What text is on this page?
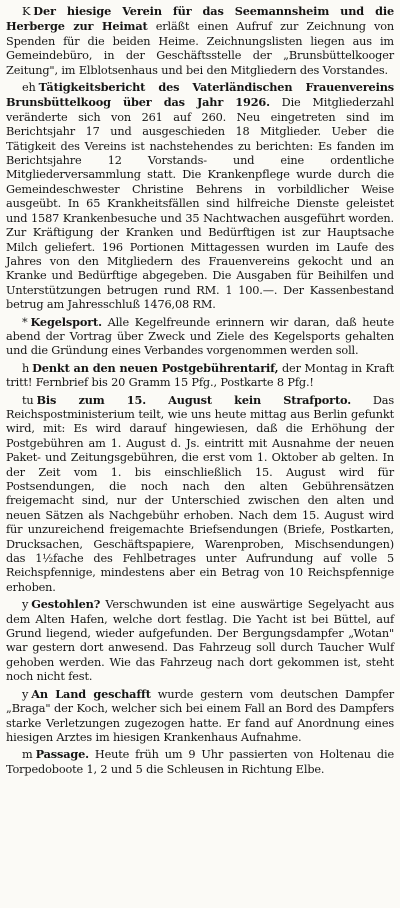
K Der hiesige Verein für das Seemannsheim und die Herberge zur Heimat erläßt einen Aufruf zur Zeichnung von Spenden für die beiden Heime. Zeichnungslisten liegen aus im Gemeindebüro, in der Geschäftsstelle der „Brunsbüttelkooger Zeitung", im Elblotsenhaus und bei den Mitgliedern des Vorstandes.

eh Tätigkeitsbericht des Vaterländischen Frauenvereins Brunsbüttelkoog über das Jahr 1926. Die Mitgliederzahl veränderte sich von 261 auf 260. Neu eingetreten sind im Berichtsjahr 17 und ausgeschieden 18 Mitglieder. Ueber die Tätigkeit des Vereins ist nachstehendes zu berichten: Es fanden im Berichtsjahre 12 Vorstands- und eine ordentliche Mitgliederversammlung statt. Die Krankenpflege wurde durch die Gemeindeschwester Christine Behrens in vorbildlicher Weise ausgeübt. In 65 Krankheitsfällen sind hilfreiche Dienste geleistet und 1587 Krankenbesuche und 35 Nachtwachen ausgeführt worden. Zur Kräftigung der Kranken und Bedürftigen ist zur Hauptsache Milch geliefert. 196 Portionen Mittagessen wurden im Laufe des Jahres von den Mitgliedern des Frauenvereins gekocht und an Kranke und Bedürftige abgegeben. Die Ausgaben für Beihilfen und Unterstützungen betrugen rund RM. 1 100.—. Der Kassenbestand betrug am Jahresschluß 1476,08 RM.

* Kegelsport. Alle Kegelfreunde erinnern wir daran, daß heute abend der Vortrag über Zweck und Ziele des Kegelsports gehalten und die Gründung eines Verbandes vorgenommen werden soll.

h Denkt an den neuen Postgebührentarif, der Montag in Kraft tritt! Fernbrief bis 20 Gramm 15 Pfg., Postkarte 8 Pfg.!

tu Bis zum 15. August kein Strafporto. Das Reichspostministerium teilt, wie uns heute mittag aus Berlin gefunkt wird, mit: Es wird darauf hingewiesen, daß die Erhöhung der Postgebühren am 1. August d. Js. eintritt mit Ausnahme der neuen Paket- und Zeitungsgebühren, die erst vom 1. Oktober ab gelten. In der Zeit vom 1. bis einschließlich 15. August wird für Postsendungen, die noch nach den alten Gebührensätzen freigemacht sind, nur der Unterschied zwischen den alten und neuen Sätzen als Nachgebühr erhoben. Nach dem 15. August wird für unzureichend freigemachte Briefsendungen (Briefe, Postkarten, Drucksachen, Geschäftspapiere, Warenproben, Mischsendungen) das 1½fache des Fehlbetrages unter Aufrundung auf volle 5 Reichspfennige, mindestens aber ein Betrag von 10 Reichspfennige erhoben.

y Gestohlen? Verschwunden ist eine auswärtige Segelyacht aus dem Alten Hafen, welche dort festlag. Die Yacht ist bei Büttel, auf Grund liegend, wieder aufgefunden. Der Bergungsdampfer „Wotan" war gestern dort anwesend. Das Fahrzeug soll durch Taucher Wulf gehoben werden. Wie das Fahrzeug nach dort gekommen ist, steht noch nicht fest.

y An Land geschafft wurde gestern vom deutschen Dampfer „Braga" der Koch, welcher sich bei einem Fall an Bord des Dampfers starke Verletzungen zugezogen hatte. Er fand auf Anordnung eines hiesigen Arztes im hiesigen Krankenhaus Aufnahme.

m Passage. Heute früh um 9 Uhr passierten von Holtenau die Torpedoboote 1, 2 und 5 die Schleusen in Richtung Elbe.
